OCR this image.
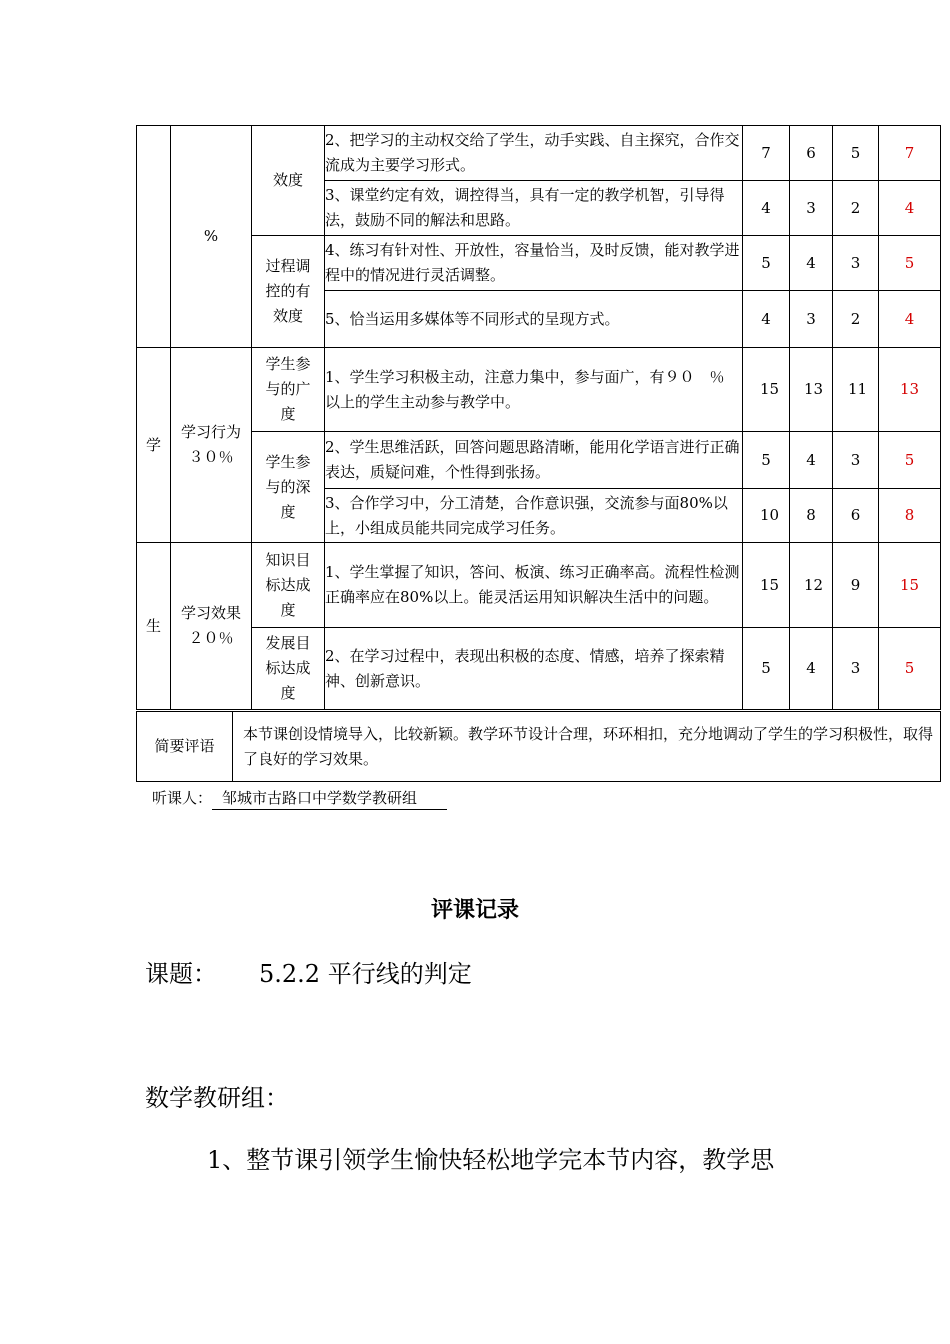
	%	效度	2、把学习的主动权交给了学生，动手实践、自主探究，合作交流成为主要学习形式。	7	6	5	7
			3、课堂约定有效，调控得当，具有一定的教学机智，引导得法，鼓励不同的解法和思路。	4	3	2	4
		过程调控的有效度	4、练习有针对性、开放性，容量恰当，及时反馈，能对教学进程中的情况进行灵活调整。	5	4	3	5
			5、恰当运用多媒体等不同形式的呈现方式。	4	3	2	4
学	学习行为３０％	学生参与的广度	1、学生学习积极主动，注意力集中，参与面广，有９０　％ 以上的学生主动参与教学中。	15	13	11	13
		学生参与的深度	2、学生思维活跃，回答问题思路清晰，能用化学语言进行正确表达，质疑问难，个性得到张扬。	5	4	3	5
			3、合作学习中，分工清楚，合作意识强，交流参与面80%以上，小组成员能共同完成学习任务。	10	8	6	8
生	学习效果２０％	知识目标达成度	1、学生掌握了知识，答问、板演、练习正确率高。流程性检测正确率应在80%以上。能灵活运用知识解决生活中的问题。	15	12	9	15
		发展目标达成度	2、在学习过程中，表现出积极的态度、情感，培养了探索精神、创新意识。	5	4	3	5
简要评语	本节课创设情境导入，比较新颖。教学环节设计合理，环环相扣，充分地调动了学生的学习积极性，取得了良好的学习效果。
听课人： 邹城市古路口中学数学教研组
评课记录
课题： 5.2.2 平行线的判定
数学教研组：
1、整节课引领学生愉快轻松地学完本节内容，教学思
